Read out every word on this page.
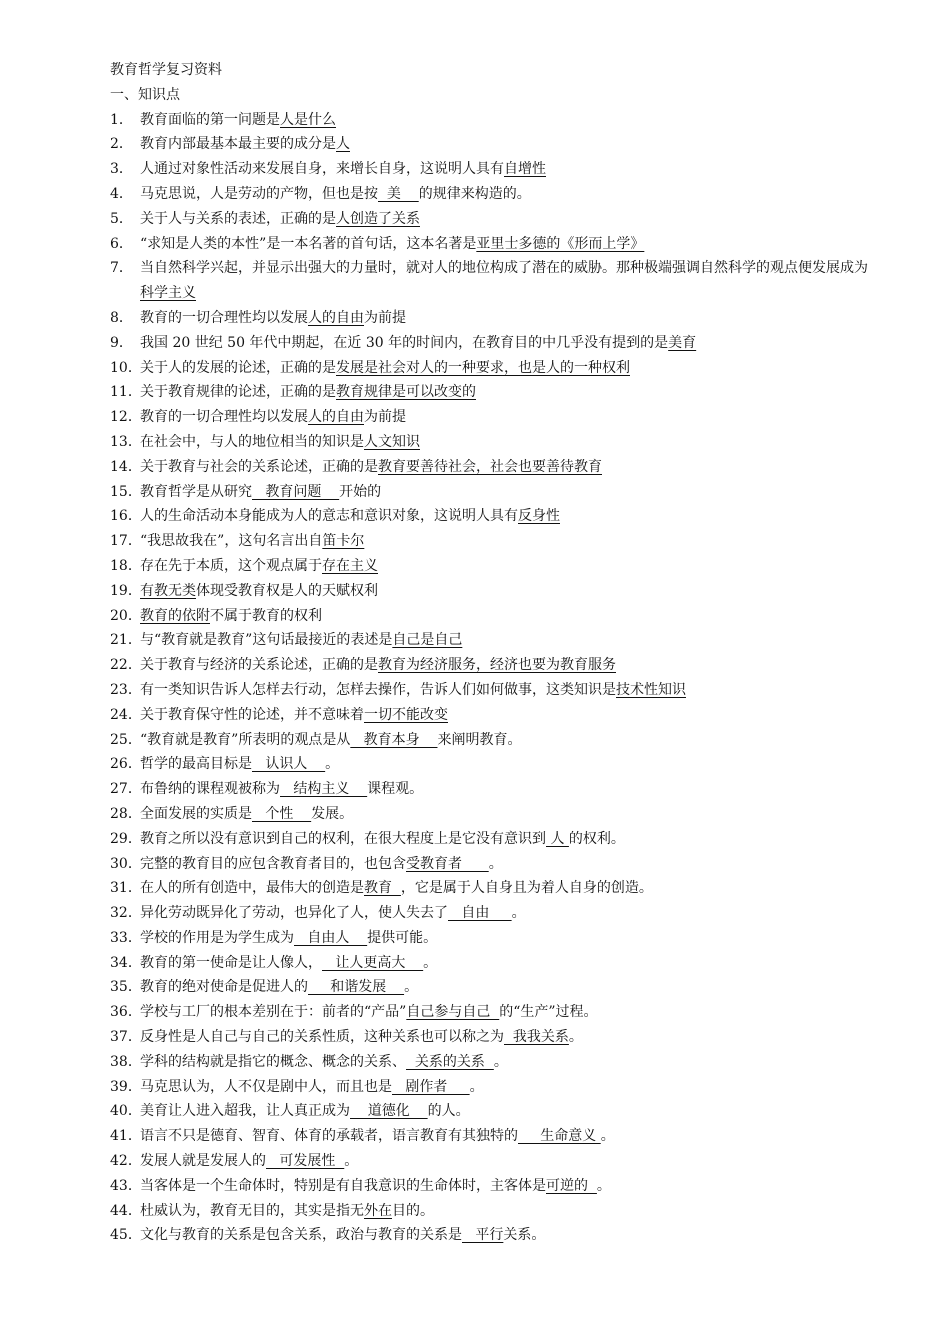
教育哲学复习资料
一、知识点
1． 教育面临的第一问题是人是什么
2． 教育内部最基本最主要的成分是人
3． 人通过对象性活动来发展自身，来增长自身，这说明人具有自增性
4． 马克思说，人是劳动的产物，但也是按  美    的规律来构造的。
5． 关于人与关系的表述，正确的是人创造了关系
6． “求知是人类的本性”是一本名著的首句话，这本名著是亚里士多德的《形而上学》
7． 当自然科学兴起，并显示出强大的力量时，就对人的地位构成了潜在的威胁。那种极端强调自然科学的观点便发展成为科学主义
8． 教育的一切合理性均以发展人的自由为前提
9． 我国 20 世纪 50 年代中期起，在近 30 年的时间内，在教育目的中几乎没有提到的是美育
10．
关于人的发展的论述，正确的是发展是社会对人的一种要求，也是人的一种权利
11．
关于教育规律的论述，正确的是教育规律是可以改变的
12．
教育的一切合理性均以发展人的自由为前提
13．
在社会中，与人的地位相当的知识是人文知识
14．
关于教育与社会的关系论述，正确的是教育要善待社会，社会也要善待教育
15．
教育哲学是从研究   教育问题    开始的
16．
人的生命活动本身能成为人的意志和意识对象，这说明人具有反身性
17．
“我思故我在”，这句名言出自笛卡尔
18．
存在先于本质，这个观点属于存在主义
19．
有教无类体现受教育权是人的天赋权利
20．
教育的依附不属于教育的权利
21．
与“教育就是教育”这句话最接近的表述是自己是自己
22．
关于教育与经济的关系论述，正确的是教育为经济服务，经济也要为教育服务
23．
有一类知识告诉人怎样去行动，怎样去操作，告诉人们如何做事，这类知识是技术性知识
24．
关于教育保守性的论述，并不意味着一切不能改变
25．
“教育就是教育”所表明的观点是从   教育本身    来阐明教育。
26．
哲学的最高目标是   认识人    。
27．
布鲁纳的课程观被称为   结构主义    课程观。
28．
全面发展的实质是   个性    发展。
29．
教育之所以没有意识到自己的权利，在很大程度上是它没有意识到 人 的权利。
30．
完整的教育目的应包含教育者目的，也包含受教育者      。
31．
在人的所有创造中，最伟大的创造是教育  ，它是属于人自身且为着人自身的创造。
32．
异化劳动既异化了劳动，也异化了人，使人失去了   自由     。
33．
学校的作用是为学生成为   自由人    提供可能。
34．
教育的第一使命是让人像人，   让人更高大    。
35．
教育的绝对使命是促进人的     和谐发展    。
36．
学校与工厂的根本差别在于：前者的“产品”自己参与自己  的“生产”过程。
37．
反身性是人自己与自己的关系性质，这种关系也可以称之为  我我关系。
38．
学科的结构就是指它的概念、概念的关系、  关系的关系  。
39．
马克思认为，人不仅是剧中人，而且也是   剧作者     。
40．
美育让人进入超我，让人真正成为    道德化    的人。
41．
语言不只是德育、智育、体育的承载者，语言教育有其独特的     生命意义 。
42．
发展人就是发展人的   可发展性  。
43．
当客体是一个生命体时，特别是有自我意识的生命体时，主客体是可逆的  。
44．
杜威认为，教育无目的，其实是指无外在目的。
45．
文化与教育的关系是包含关系，政治与教育的关系是   平行关系。
